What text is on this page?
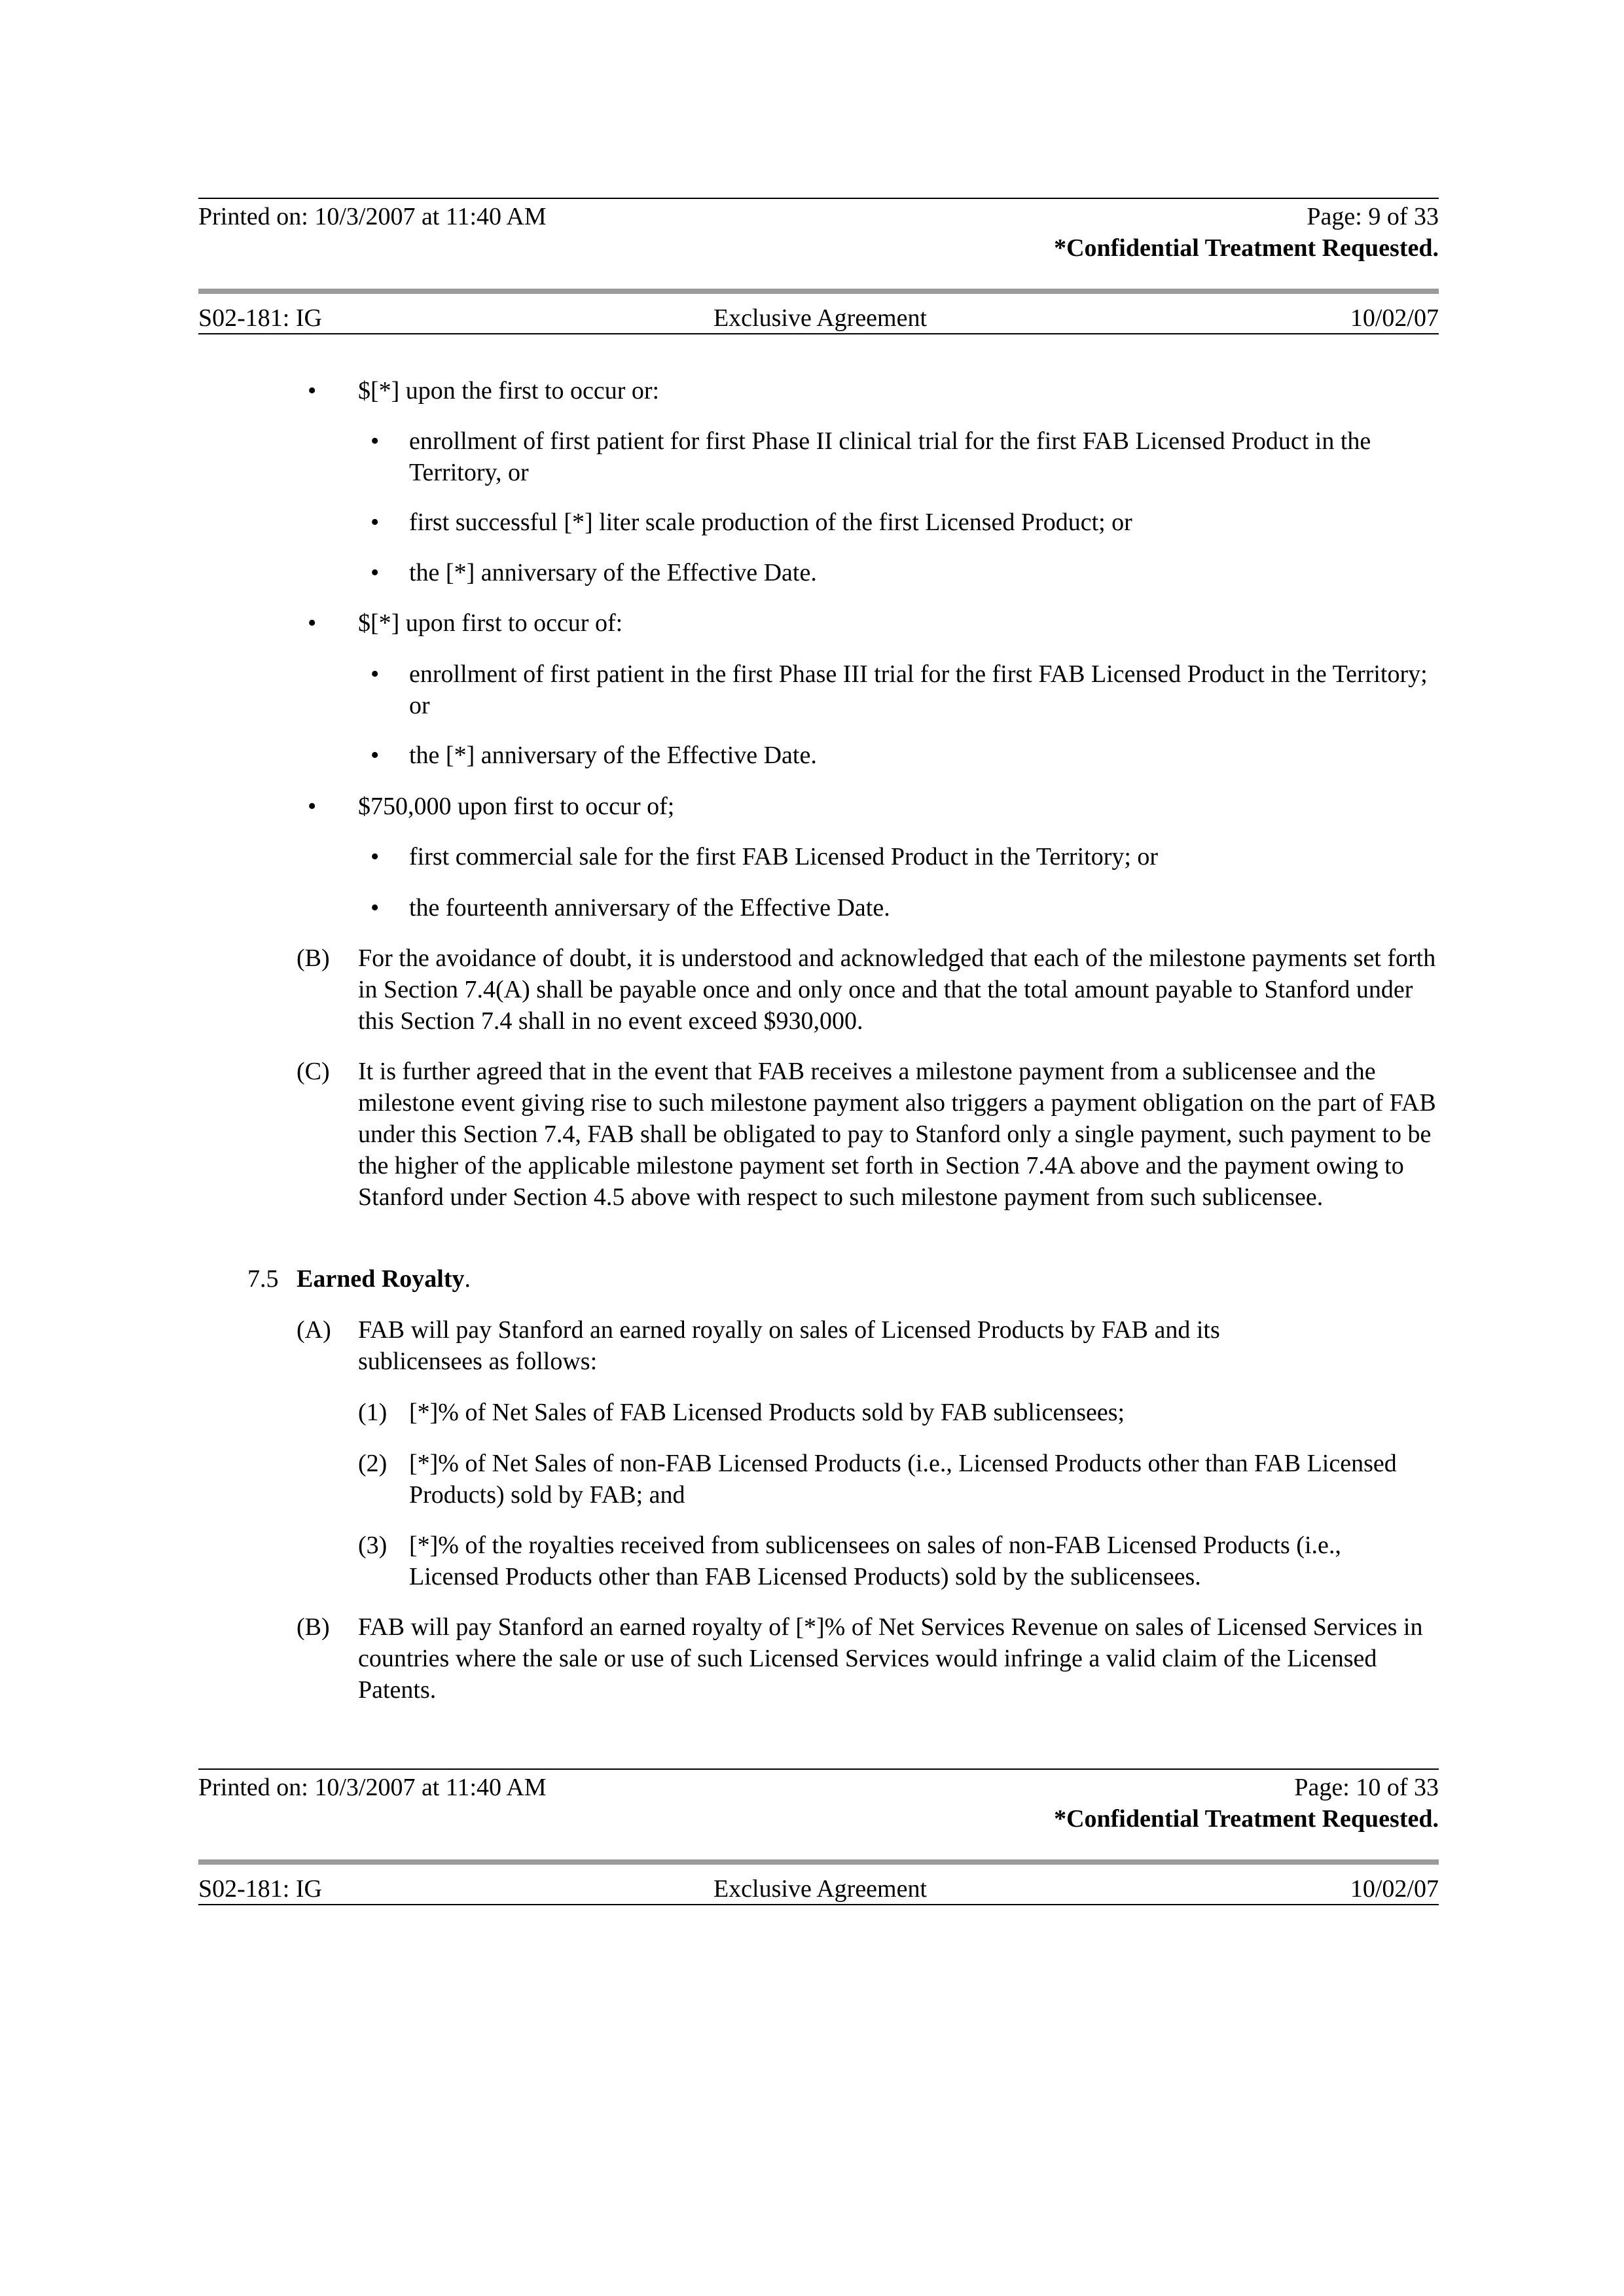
Printed on: 10/3/2007 at 11:40 AM	Page: 9 of 33
*Confidential Treatment Requested.
S02-181: IG	Exclusive Agreement	10/02/07
• $[*] upon the first to occur or:
• enrollment of first patient for first Phase II clinical trial for the first FAB Licensed Product in the Territory, or
• first successful [*] liter scale production of the first Licensed Product; or
• the [*] anniversary of the Effective Date.
• $[*] upon first to occur of:
• enrollment of first patient in the first Phase III trial for the first FAB Licensed Product in the Territory; or
• the [*] anniversary of the Effective Date.
• $750,000 upon first to occur of;
• first commercial sale for the first FAB Licensed Product in the Territory; or
• the fourteenth anniversary of the Effective Date.
(B) For the avoidance of doubt, it is understood and acknowledged that each of the milestone payments set forth in Section 7.4(A) shall be payable once and only once and that the total amount payable to Stanford under this Section 7.4 shall in no event exceed $930,000.
(C) It is further agreed that in the event that FAB receives a milestone payment from a sublicensee and the milestone event giving rise to such milestone payment also triggers a payment obligation on the part of FAB under this Section 7.4, FAB shall be obligated to pay to Stanford only a single payment, such payment to be the higher of the applicable milestone payment set forth in Section 7.4A above and the payment owing to Stanford under Section 4.5 above with respect to such milestone payment from such sublicensee.
7.5 Earned Royalty.
(A) FAB will pay Stanford an earned royally on sales of Licensed Products by FAB and its sublicensees as follows:
(1) [*]% of Net Sales of FAB Licensed Products sold by FAB sublicensees;
(2) [*]% of Net Sales of non-FAB Licensed Products (i.e., Licensed Products other than FAB Licensed Products) sold by FAB; and
(3) [*]% of the royalties received from sublicensees on sales of non-FAB Licensed Products (i.e., Licensed Products other than FAB Licensed Products) sold by the sublicensees.
(B) FAB will pay Stanford an earned royalty of [*]% of Net Services Revenue on sales of Licensed Services in countries where the sale or use of such Licensed Services would infringe a valid claim of the Licensed Patents.
Printed on: 10/3/2007 at 11:40 AM	Page: 10 of 33
*Confidential Treatment Requested.
S02-181: IG	Exclusive Agreement	10/02/07
